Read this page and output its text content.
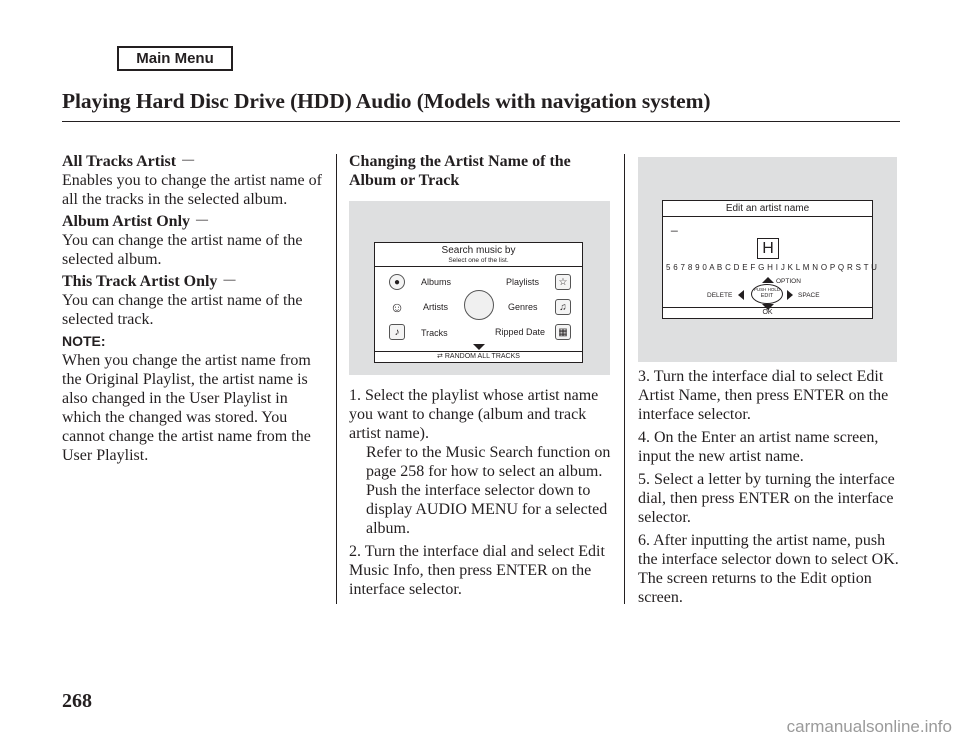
Main Menu
Playing Hard Disc Drive (HDD) Audio (Models with navigation system)

All Tracks Artist －
Enables you to change the artist name of all the tracks in the selected album.

Album Artist Only －
You can change the artist name of the selected album.

This Track Artist Only －
You can change the artist name of the selected track.

NOTE:

When you change the artist name from the Original Playlist, the artist name is also changed in the User Playlist in which the changed was stored. You cannot change the artist name from the User Playlist.

Changing the Artist Name of the Album or Track
Search music by
Select one of the list.
●	Albums
☺ Artists
♪	Tracks
Playlists	☆
Genres	♫
Ripped Date	▦
⇄ RANDOM ALL TRACKS
1. Select the playlist whose artist name you want to change (album and track artist name).
Refer to the Music Search function on page 258 for how to select an album. Push the interface selector down to display AUDIO MENU for a selected album.
2. Turn the interface dial and select Edit Music Info, then press ENTER on the interface selector.
Edit an artist name
_
H
5 6 7 8 9 0 A B C D E F G H I J K L M N O P Q R S T U
OPTION
DELETE
PUSH HOLD
EDIT	SPACE
OK
3. Turn the interface dial to select Edit Artist Name, then press ENTER on the interface selector.
4. On the Enter an artist name screen, input the new artist name.
5. Select a letter by turning the interface dial, then press ENTER on the interface selector.
6. After inputting the artist name, push the interface selector down to select OK. The screen returns to the Edit option screen.
268
carmanualsonline.info
